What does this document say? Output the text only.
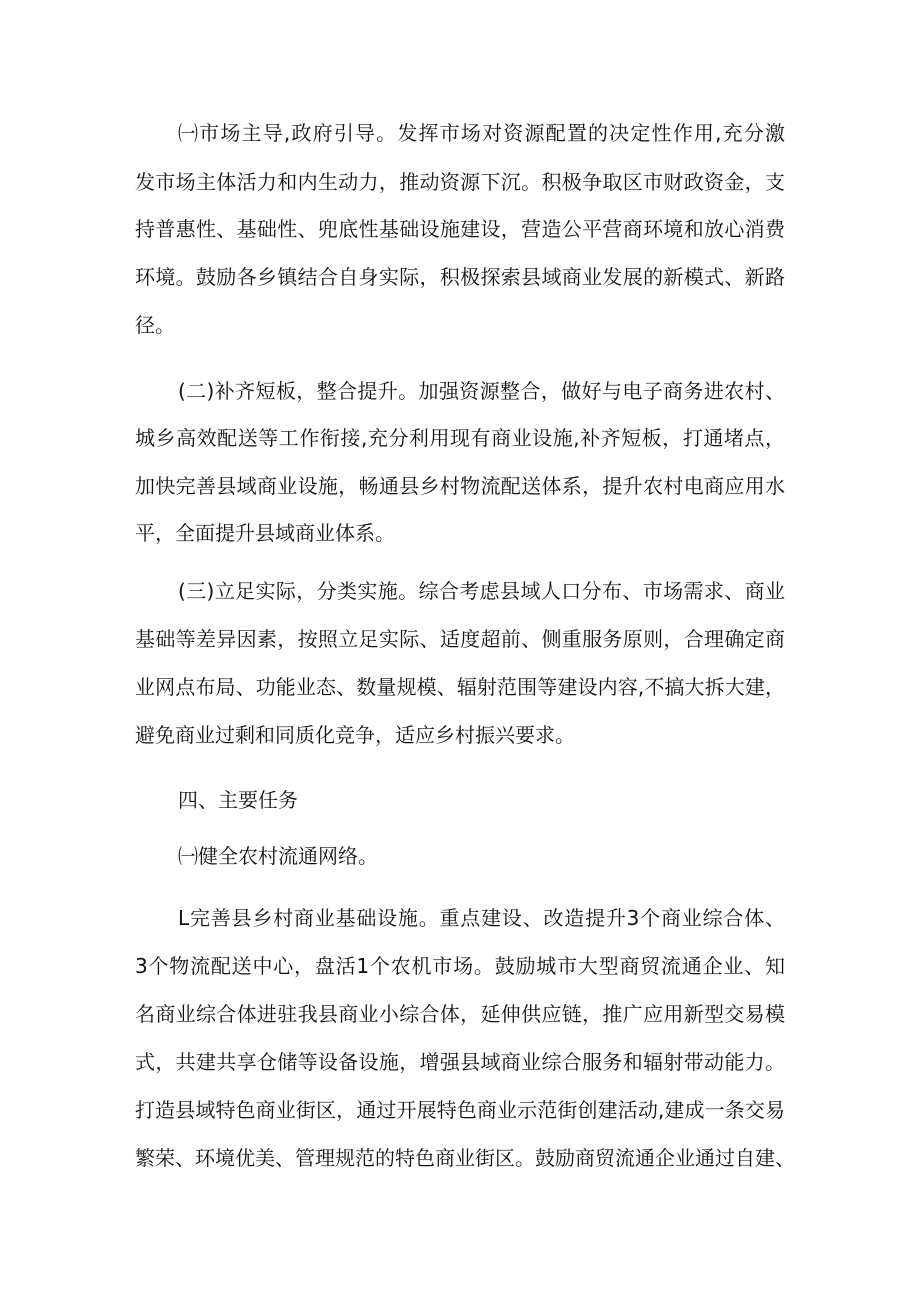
㈠市场主导,政府引导。发挥市场对资源配置的决定性作用,充分激
发市场主体活力和内生动力，推动资源下沉。积极争取区市财政资金，支
持普惠性、基础性、兜底性基础设施建设，营造公平营商环境和放心消费
环境。鼓励各乡镇结合自身实际，积极探索县域商业发展的新模式、新路
径。
(二)补齐短板，整合提升。加强资源整合，做好与电子商务进农村、
城乡高效配送等工作衔接,充分利用现有商业设施,补齐短板，打通堵点，
加快完善县域商业设施，畅通县乡村物流配送体系，提升农村电商应用水
平，全面提升县域商业体系。
(三)立足实际，分类实施。综合考虑县域人口分布、市场需求、商业
基础等差异因素，按照立足实际、适度超前、侧重服务原则，合理确定商
业网点布局、功能业态、数量规模、辐射范围等建设内容,不搞大拆大建，
避免商业过剩和同质化竞争，适应乡村振兴要求。
四、主要任务
㈠健全农村流通网络。
L完善县乡村商业基础设施。重点建设、改造提升3个商业综合体、
3个物流配送中心，盘活1个农机市场。鼓励城市大型商贸流通企业、知
名商业综合体进驻我县商业小综合体，延伸供应链，推广应用新型交易模
式，共建共享仓储等设备设施，增强县域商业综合服务和辐射带动能力。
打造县域特色商业街区，通过开展特色商业示范街创建活动,建成一条交易
繁荣、环境优美、管理规范的特色商业街区。鼓励商贸流通企业通过自建、
